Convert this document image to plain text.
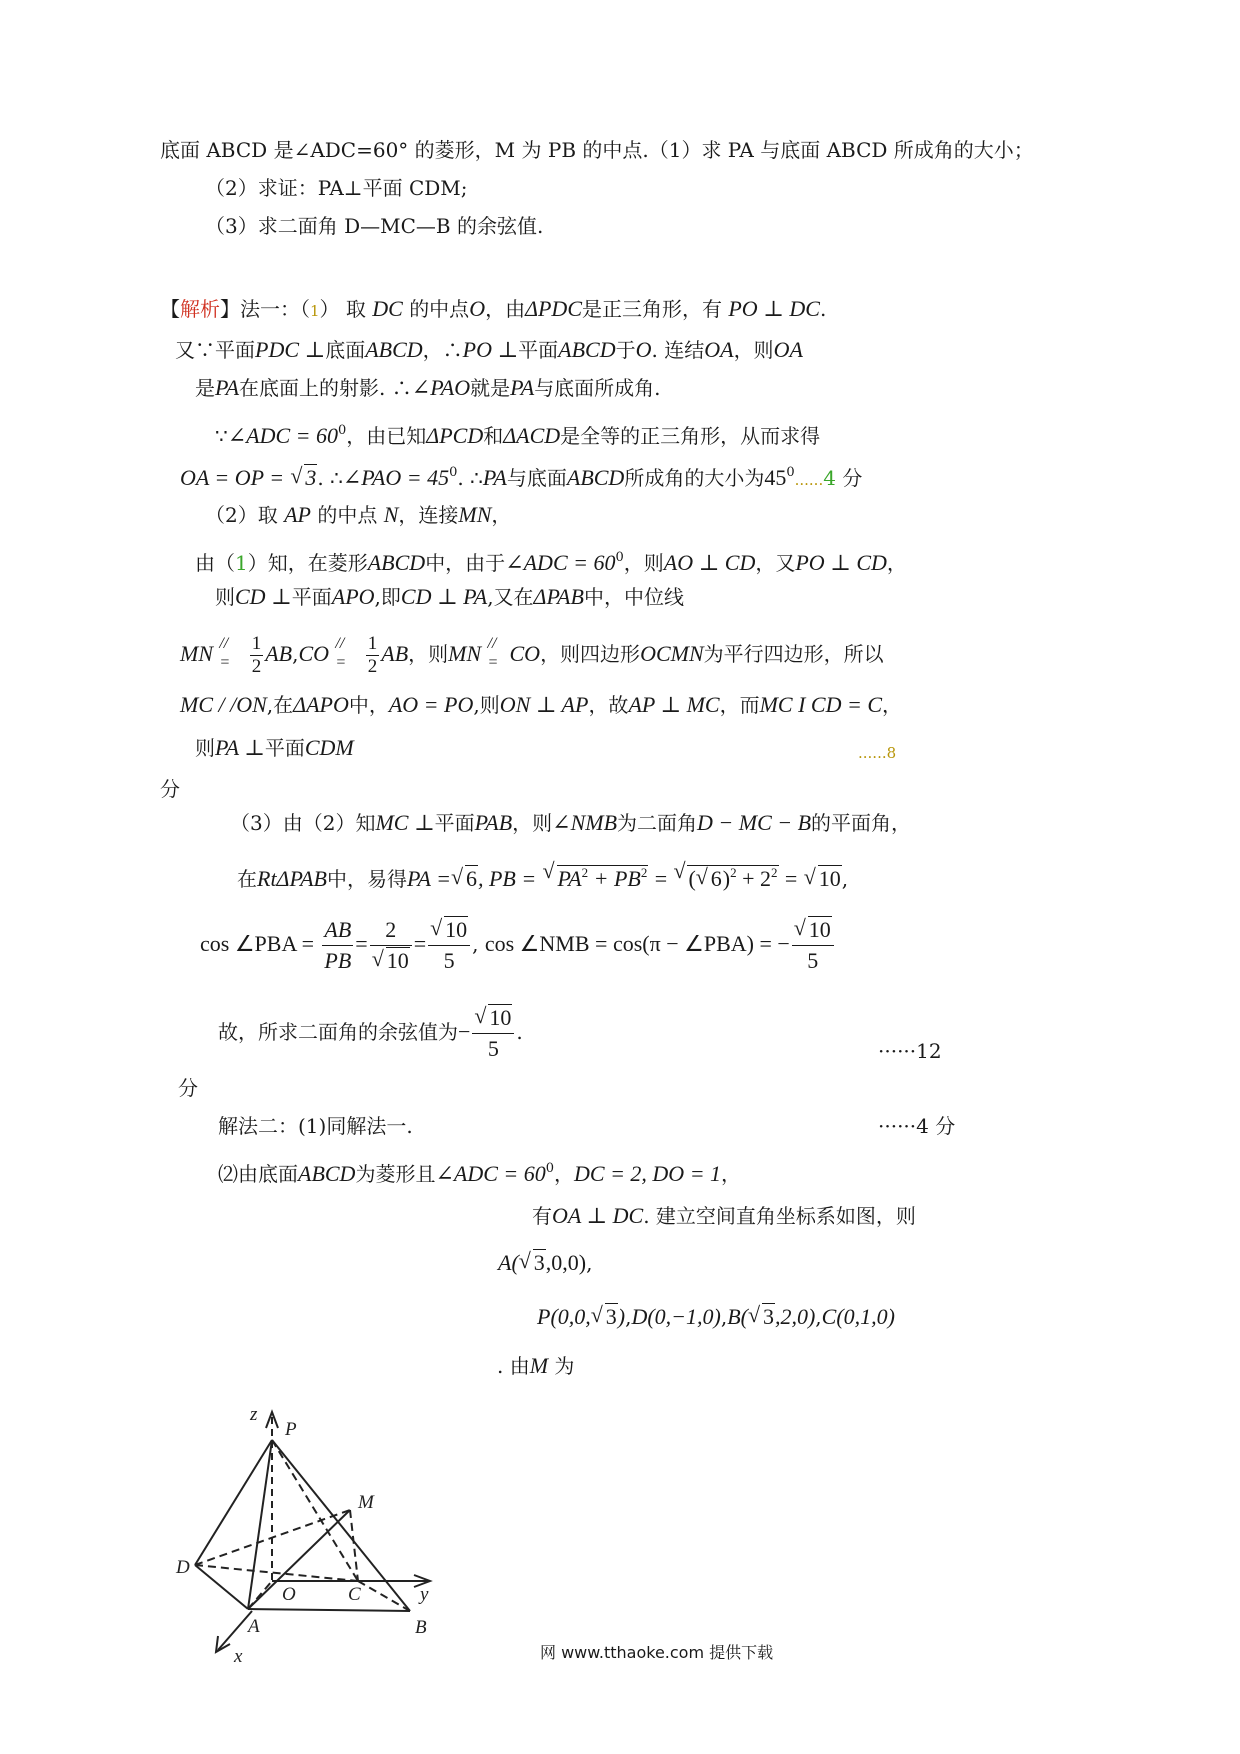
底面 ABCD 是∠ADC=60° 的菱形，M 为 PB 的中点.（1）求 PA 与底面 ABCD 所成角的大小；
（2）求证：PA⊥平面 CDM;
（3）求二面角 D—MC—B 的余弦值.
【解析】法一：（1） 取 DC 的中点O，由ΔPDC是正三角形，有 PO ⊥ DC.
又∵平面PDC ⊥底面ABCD，∴PO ⊥平面ABCD于O. 连结OA，则OA
是PA在底面上的射影. ∴∠PAO就是PA与底面所成角.
∵∠ADC = $60^0$，由已知ΔPCD和ΔACD是全等的正三角形，从而求得
OA = OP = √ 3. ∴∠PAO = $45^0$. ∴PA与底面ABCD所成角的大小为$45^0......4$ 分
（2）取 AP 的中点 N，连接MN，
由（1）知，在菱形ABCD中，由于∠ADC = $60^0$，则AO ⊥ CD，又PO ⊥ CD，
则CD ⊥平面APO,即CD ⊥ PA,又在ΔPAB中，中位线
MN //
=
  $\frac{1}{2} AB,CO$ //
=
  $\frac{1}{2}$ AB，则MN //
=
  CO，则四边形OCMN为平行四边形，所以
MC / /ON,在ΔAPO中，AO = PO,则ON ⊥ AP，故AP ⊥ MC，而MC I CD = C，
则PA ⊥平面CDM	......8
分
（3）由（2）知MC ⊥平面PAB，则∠NMB为二面角D − MC − B的平面角，
在RtΔPAB中，易得PA = √ 6, PB = √ $PA^2 + PB^2$ = √ ( √ $6)^2 + 2^2$ = √ 10,
cos ∠PBA = $\frac{AB}{PB} = 2$
√ 10 = √ $\frac{10}{5}$ , cos ∠NMB = cos(π − ∠PBA) = − √ $\frac{10}{5}$
故，所求二面角的余弦值为− √ $\frac{10}{5}$ .
······12
分
解法二：(1)同解法一.	······4 分
⑵由底面ABCD为菱形且∠ADC = $60^0$，DC = 2, DO = 1，
有OA ⊥ DC. 建立空间直角坐标系如图，则
A( √ 3,0,0),
P(0,0, √ 3),D(0,−1,0),B( √ 3,2,0),C(0,1,0)
. 由M 为
z
P
M
D
O	C	y
A	B
x	网 www.tthaoke.com 提供下载
